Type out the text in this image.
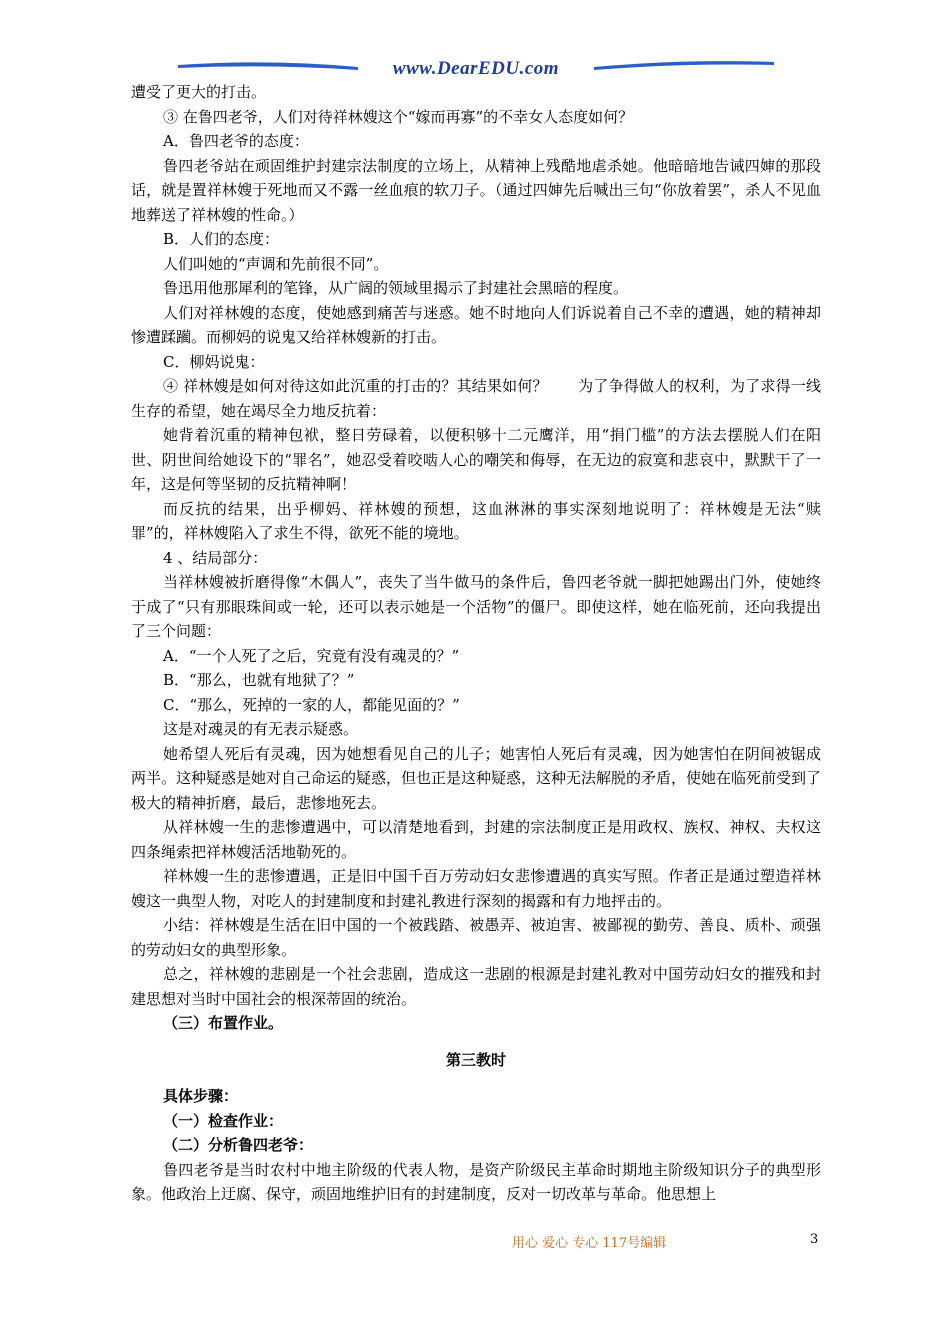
www.DearEDU.com

遭受了更大的打击。

③ 在鲁四老爷，人们对待祥林嫂这个“嫁而再寡”的不幸女人态度如何？

A．鲁四老爷的态度：

鲁四老爷站在顽固维护封建宗法制度的立场上，从精神上残酷地虐杀她。他暗暗地告诫四婶的那段话，就是置祥林嫂于死地而又不露一丝血痕的软刀子。（通过四婶先后喊出三句“你放着罢”，杀人不见血地葬送了祥林嫂的性命。）

B．人们的态度：

人们叫她的“声调和先前很不同”。

鲁迅用他那犀利的笔锋，从广阔的领域里揭示了封建社会黑暗的程度。

人们对祥林嫂的态度，使她感到痛苦与迷惑。她不时地向人们诉说着自己不幸的遭遇，她的精神却惨遭蹂躏。而柳妈的说鬼又给祥林嫂新的打击。

C．柳妈说鬼：

④ 祥林嫂是如何对待这如此沉重的打击的？其结果如何？　　为了争得做人的权利，为了求得一线生存的希望，她在竭尽全力地反抗着：

她背着沉重的精神包袱，整日劳碌着，以便积够十二元鹰洋，用“捐门槛”的方法去摆脱人们在阳世、阴世间给她设下的“罪名”，她忍受着咬啮人心的嘲笑和侮辱，在无边的寂寞和悲哀中，默默干了一年，这是何等坚韧的反抗精神啊！

而反抗的结果，出乎柳妈、祥林嫂的预想，这血淋淋的事实深刻地说明了：祥林嫂是无法“赎罪”的，祥林嫂陷入了求生不得，欲死不能的境地。

4 、结局部分：

当祥林嫂被折磨得像“木偶人”，丧失了当牛做马的条件后，鲁四老爷就一脚把她踢出门外，使她终于成了“只有那眼珠间或一轮，还可以表示她是一个活物”的僵尸。即使这样，她在临死前，还向我提出了三个问题：

A．“一个人死了之后，究竟有没有魂灵的？”

B．“那么，也就有地狱了？”

C．“那么，死掉的一家的人，都能见面的？”

这是对魂灵的有无表示疑惑。

她希望人死后有灵魂，因为她想看见自己的儿子；她害怕人死后有灵魂，因为她害怕在阴间被锯成两半。这种疑惑是她对自己命运的疑惑，但也正是这种疑惑，这种无法解脱的矛盾，使她在临死前受到了极大的精神折磨，最后，悲惨地死去。

从祥林嫂一生的悲惨遭遇中，可以清楚地看到，封建的宗法制度正是用政权、族权、神权、夫权这四条绳索把祥林嫂活活地勒死的。

祥林嫂一生的悲惨遭遇，正是旧中国千百万劳动妇女悲惨遭遇的真实写照。作者正是通过塑造祥林嫂这一典型人物，对吃人的封建制度和封建礼教进行深刻的揭露和有力地抨击的。

小结：祥林嫂是生活在旧中国的一个被践踏、被愚弄、被迫害、被鄙视的勤劳、善良、质朴、顽强的劳动妇女的典型形象。

总之，祥林嫂的悲剧是一个社会悲剧，造成这一悲剧的根源是封建礼教对中国劳动妇女的摧残和封建思想对当时中国社会的根深蒂固的统治。

（三）布置作业。

第三教时

具体步骤：

（一）检查作业：

（二）分析鲁四老爷：

鲁四老爷是当时农村中地主阶级的代表人物，是资产阶级民主革命时期地主阶级知识分子的典型形象。他政治上迂腐、保守，顽固地维护旧有的封建制度，反对一切改革与革命。他思想上

用心 爱心 专心 117号编辑	3
